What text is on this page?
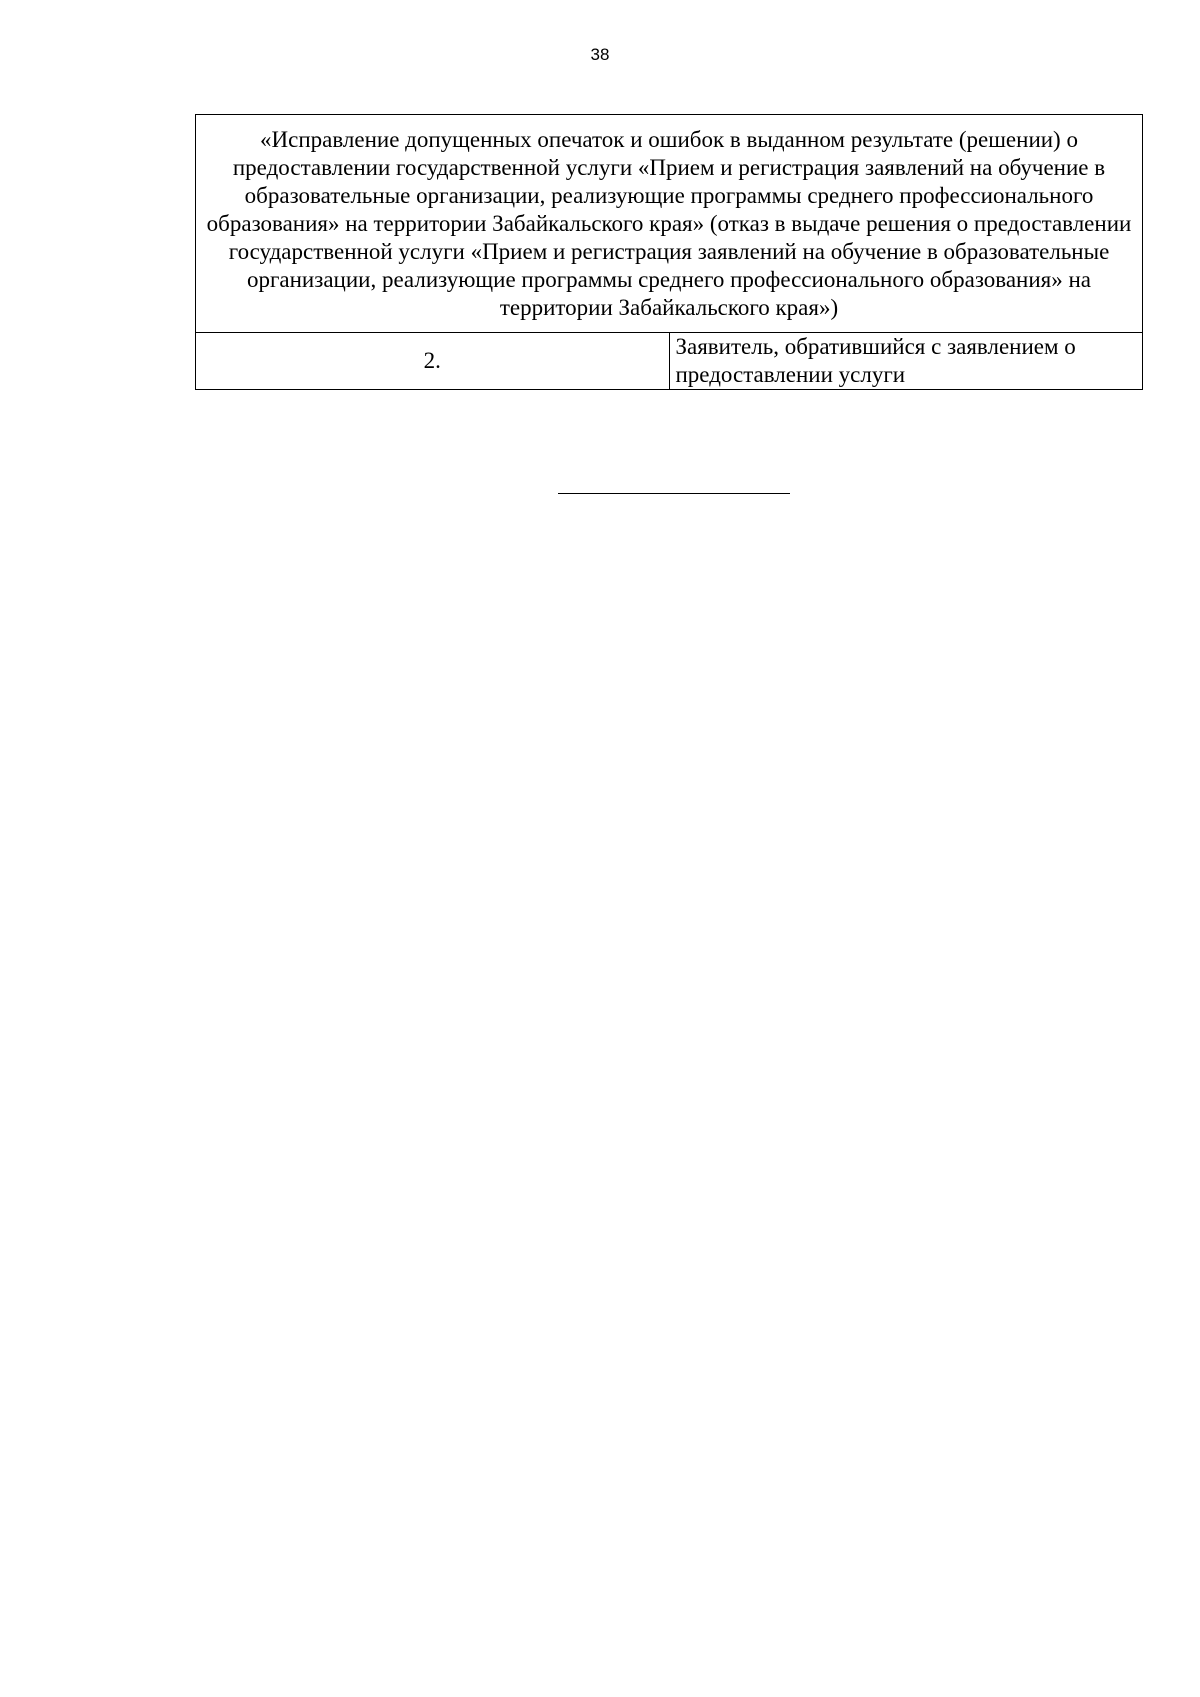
38
«Исправление допущенных опечаток и ошибок в выданном результате (решении) о предоставлении государственной услуги «Прием и регистрация заявлений на обучение в образовательные организации, реализующие программы среднего профессионального образования» на территории Забайкальского края» (отказ в выдаче решения о предоставлении государственной услуги «Прием и регистрация заявлений на обучение в образовательные организации, реализующие программы среднего профессионального образования» на территории Забайкальского края»)
2.	Заявитель, обратившийся с заявлением о предоставлении услуги
